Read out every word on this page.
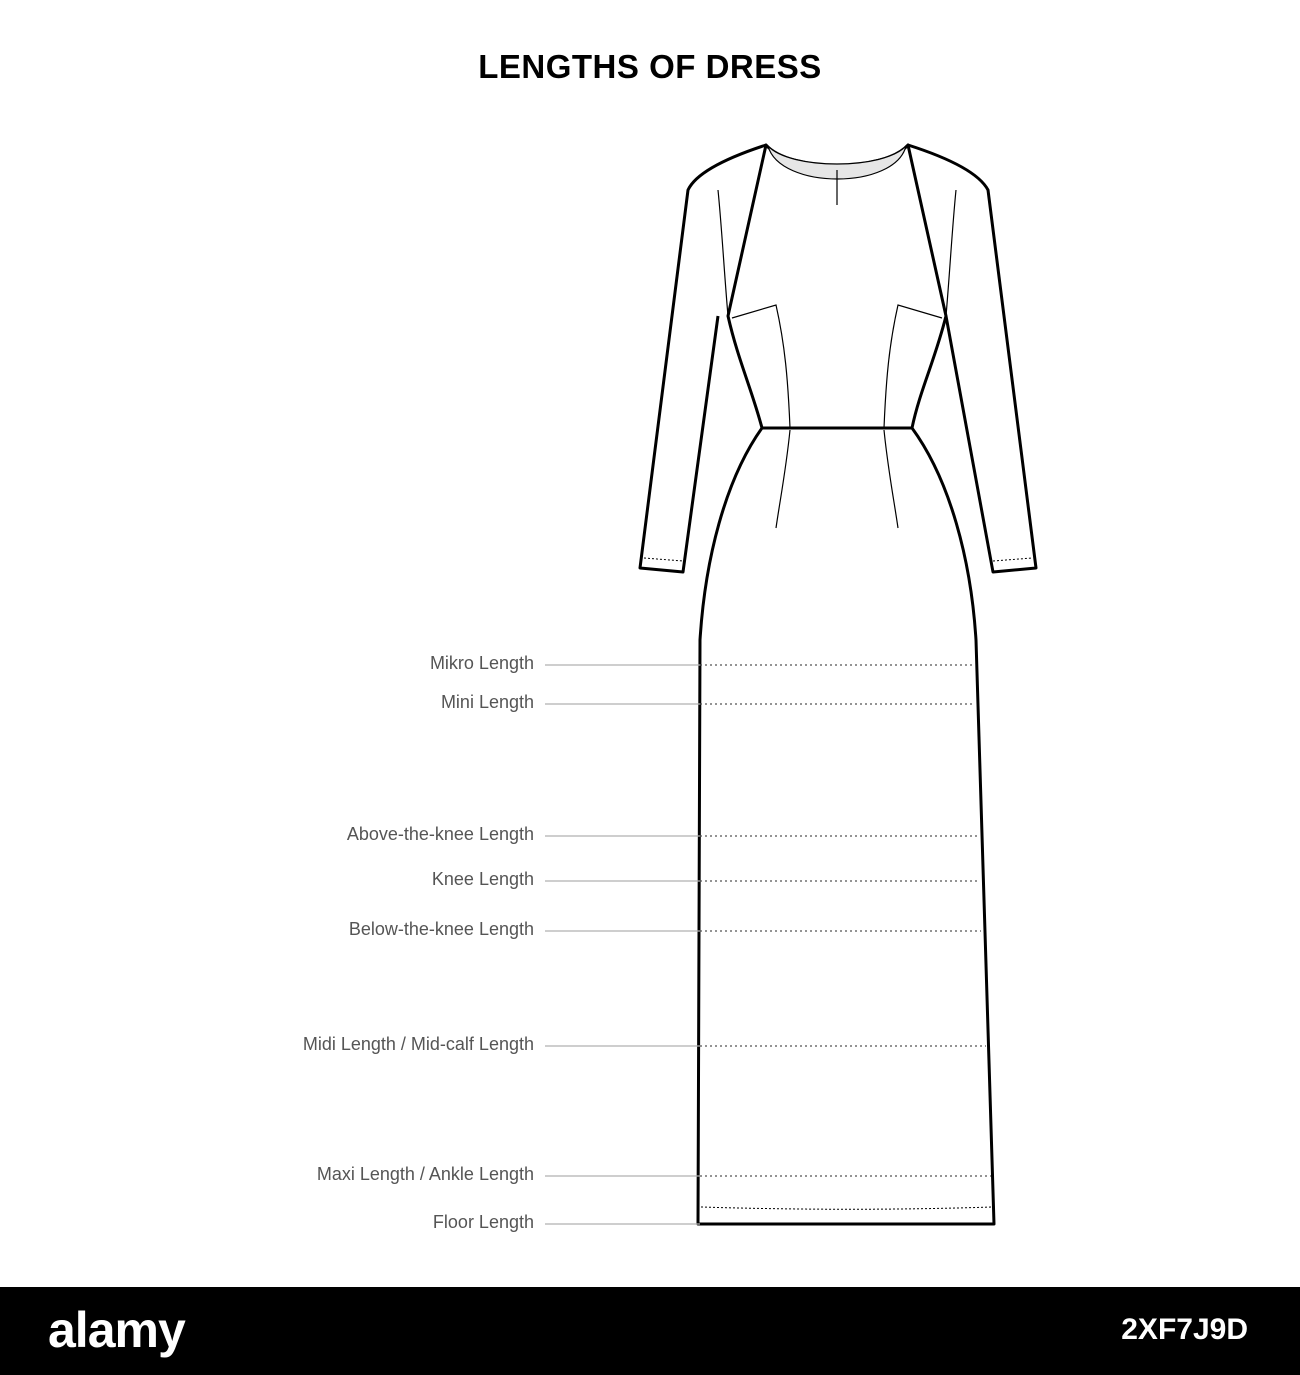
LENGTHS OF DRESS
Mikro Length
Mini Length
Above-the-knee Length
Knee Length
Below-the-knee Length
Midi Length / Mid-calf Length
Maxi Length / Ankle Length
Floor Length
alamy	2XF7J9D
